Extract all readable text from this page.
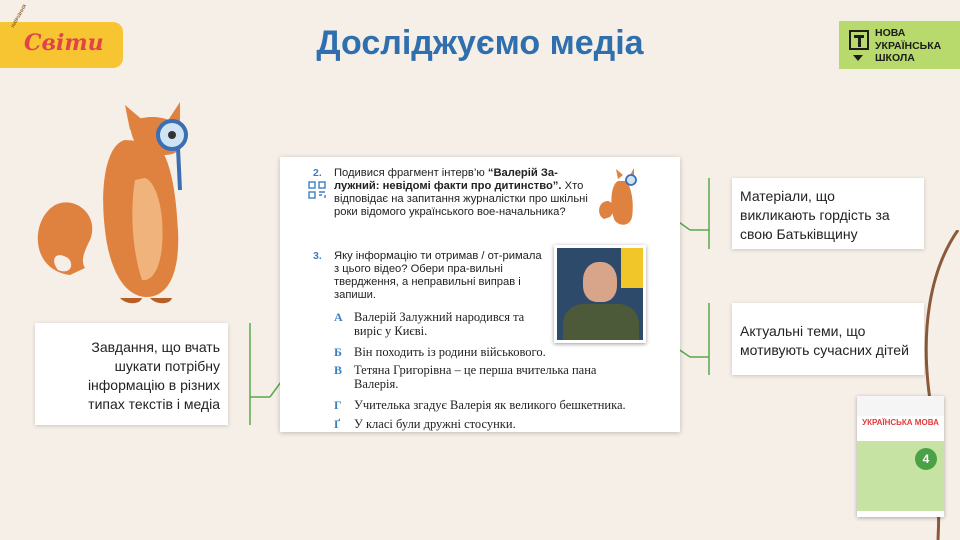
навчання
Світи	Досліджуємо медіа	НОВА
УКРАЇНСЬКА
ШКОЛА
Завдання, що вчать шукати потрібну інформацію в різних типах текстів і медіа
Матеріали, що викликають гордість за свою Батьківщину
Актуальні теми, що мотивують сучасних дітей
2. Подивися фрагмент інтерв’ю “Валерій За-лужний: невідомі факти про дитинство”. Хто відповідає на запитання журналістки про шкільні роки відомого українського вое-начальника?
3. Яку інформацію ти отримав / от-римала з цього відео? Обери пра-вильні твердження, а неправильні виправ і запиши.
А Валерій Залужний народився та виріс у Києві.
Б Він походить із родини військового.
В Тетяна Григорівна – це перша вчителька пана Валерія.
Г Учителька згадує Валерія як великого бешкетника.
Ґ У класі були дружні стосунки.	УКРАЇНСЬКА МОВА
4
